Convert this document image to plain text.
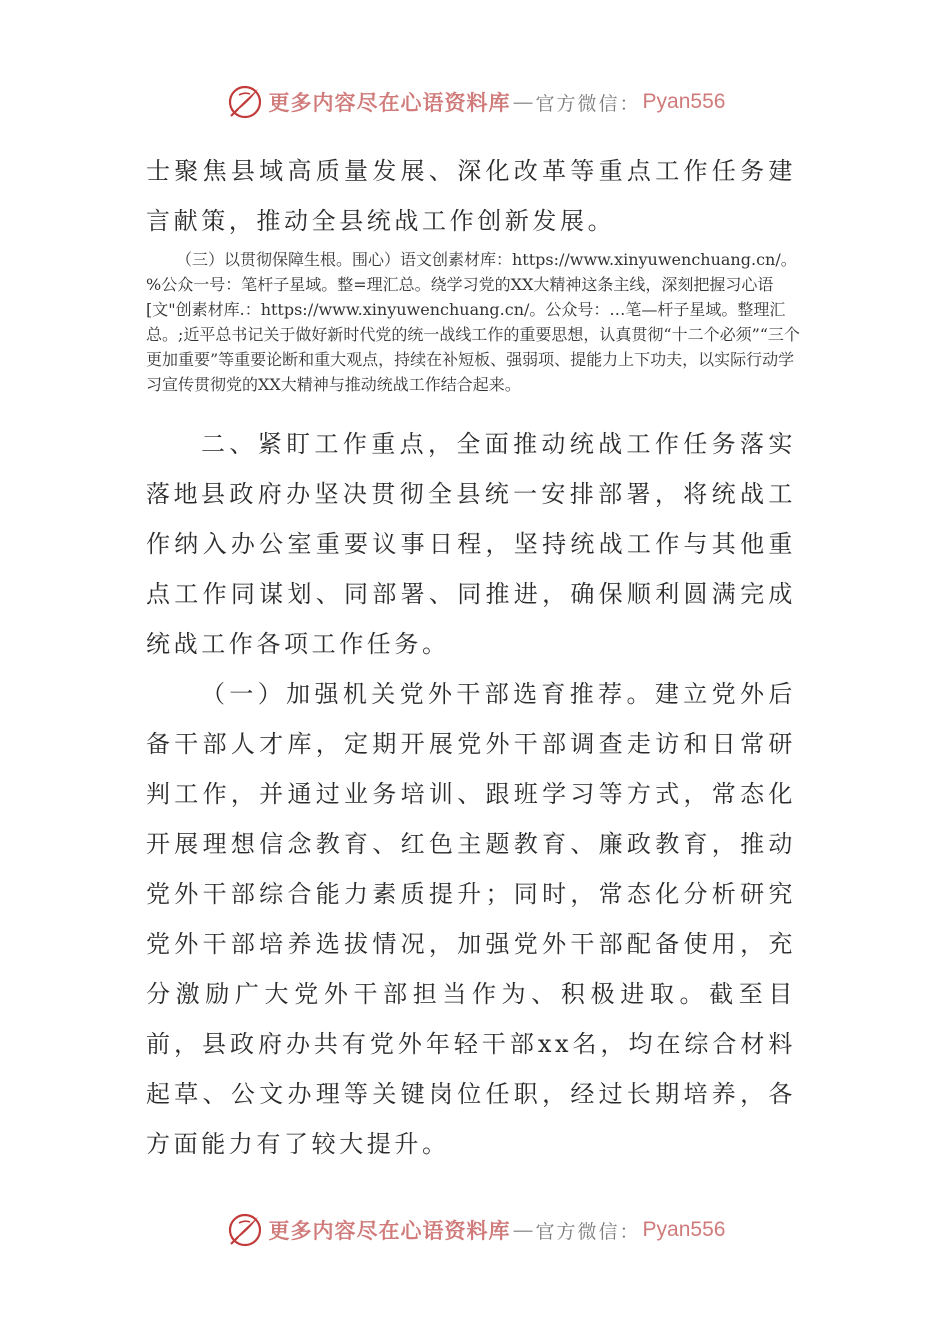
更多内容尽在心语资料库 — 官方微信： Pyan556

士聚焦县域高质量发展、深化改革等重点工作任务建言献策，推动全县统战工作创新发展。

（三）以贯彻保障生根。围心）语文创素材库：https://www.xinyuwenchuang.cn/。%公众一号：笔杆子星域。整=理汇总。绕学习党的XX大精神这条主线，深刻把握习心语[文"创素材库.：https://www.xinyuwenchuang.cn/。公众号：…笔—杆子星域。整理汇总。;近平总书记关于做好新时代党的统一战线工作的重要思想，认真贯彻“十二个必须”“三个更加重要”等重要论断和重大观点，持续在补短板、强弱项、提能力上下功夫，以实际行动学习宣传贯彻党的XX大精神与推动统战工作结合起来。

二、紧盯工作重点，全面推动统战工作任务落实落地 县政府办坚决贯彻全县统一安排部署，将统战工作纳入办公室重要议事日程，坚持统战工作与其他重点工作同谋划、同部署、同推进，确保顺利圆满完成统战工作各项工作任务。

（一）加强机关党外干部选育推荐。建立党外后备干部人才库，定期开展党外干部调查走访和日常研判工作，并通过业务培训、跟班学习等方式，常态化开展理想信念教育、红色主题教育、廉政教育，推动党外干部综合能力素质提升；同时，常态化分析研究党外干部培养选拔情况，加强党外干部配备使用，充分激励广大党外干部担当作为、积极进取。截至目前，县政府办共有党外年轻干部xx名，均在综合材料起草、公文办理等关键岗位任职，经过长期培养，各方面能力有了较大提升。

更多内容尽在心语资料库 — 官方微信： Pyan556
